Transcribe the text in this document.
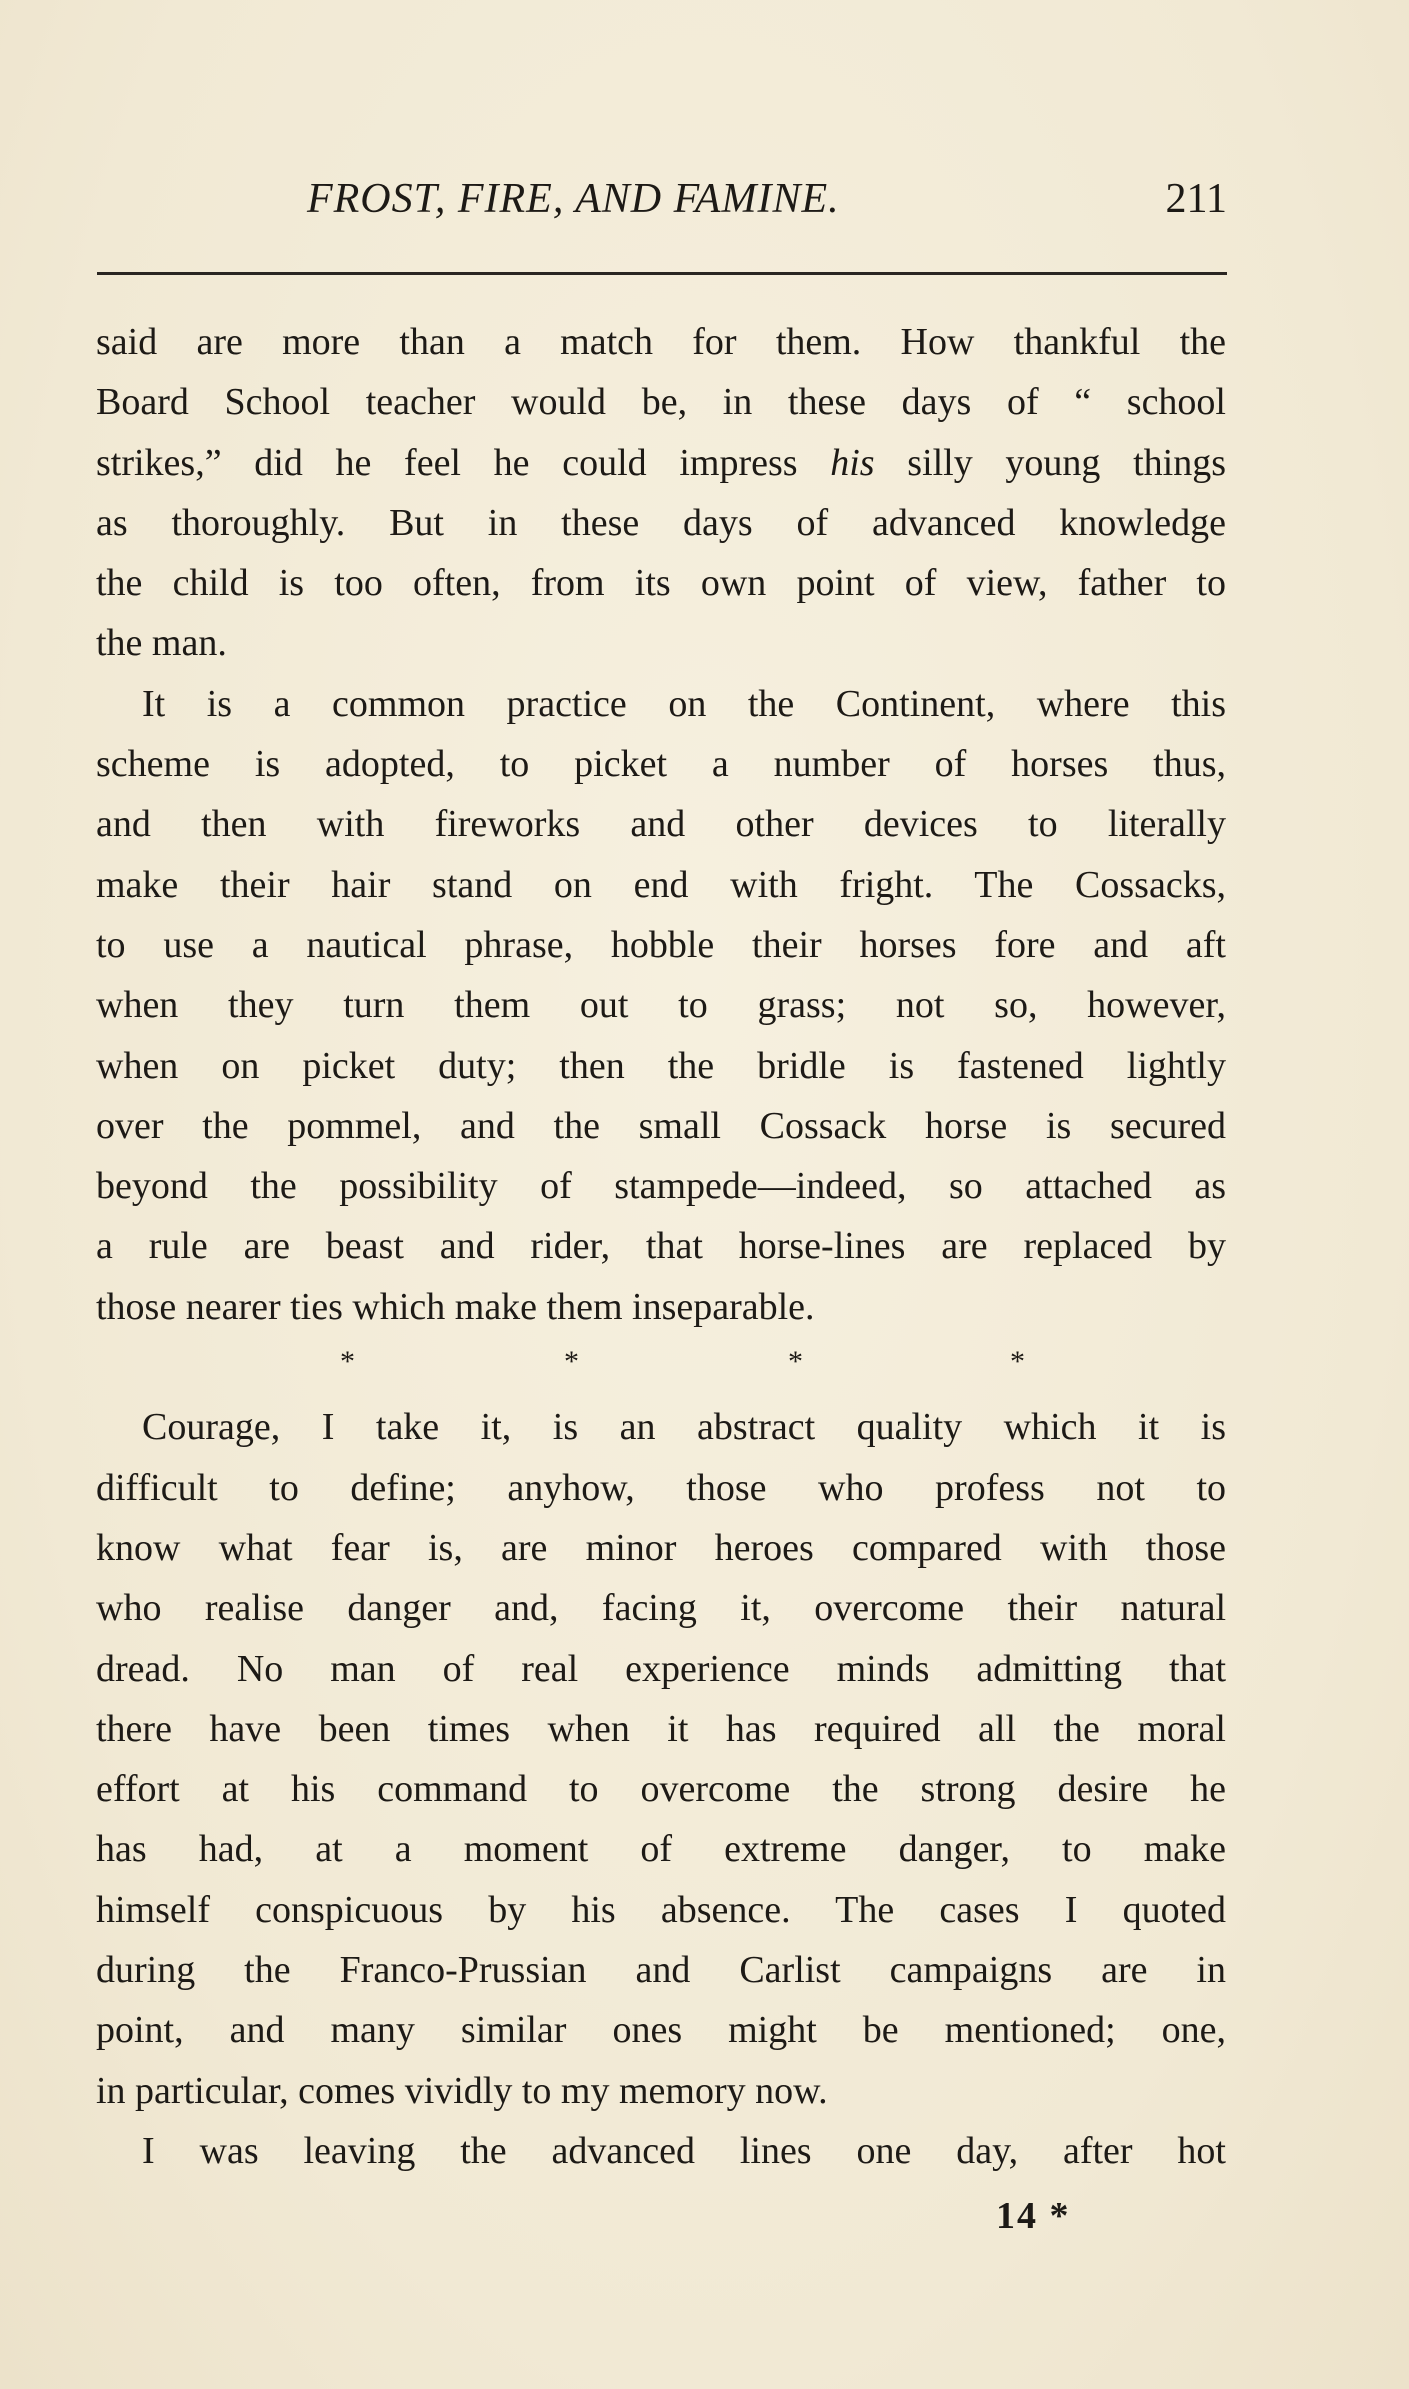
FROST, FIRE, AND FAMINE.	211
said are more than a match for them. How thankful the
Board School teacher would be, in these days of “ school
strikes,” did he feel he could impress his silly young things
as thoroughly. But in these days of advanced knowledge
the child is too often, from its own point of view, father to
the man.
It is a common practice on the Continent, where this
scheme is adopted, to picket a number of horses thus,
and then with fireworks and other devices to literally
make their hair stand on end with fright. The Cossacks,
to use a nautical phrase, hobble their horses fore and aft
when they turn them out to grass; not so, however,
when on picket duty; then the bridle is fastened lightly
over the pommel, and the small Cossack horse is secured
beyond the possibility of stampede—indeed, so attached as
a rule are beast and rider, that horse-lines are replaced by
those nearer ties which make them inseparable.
*	*	*	*
Courage, I take it, is an abstract quality which it is
difficult to define; anyhow, those who profess not to
know what fear is, are minor heroes compared with those
who realise danger and, facing it, overcome their natural
dread. No man of real experience minds admitting that
there have been times when it has required all the moral
effort at his command to overcome the strong desire he
has had, at a moment of extreme danger, to make
himself conspicuous by his absence. The cases I quoted
during the Franco-Prussian and Carlist campaigns are in
point, and many similar ones might be mentioned; one,
in particular, comes vividly to my memory now.
I was leaving the advanced lines one day, after hot
14 *
